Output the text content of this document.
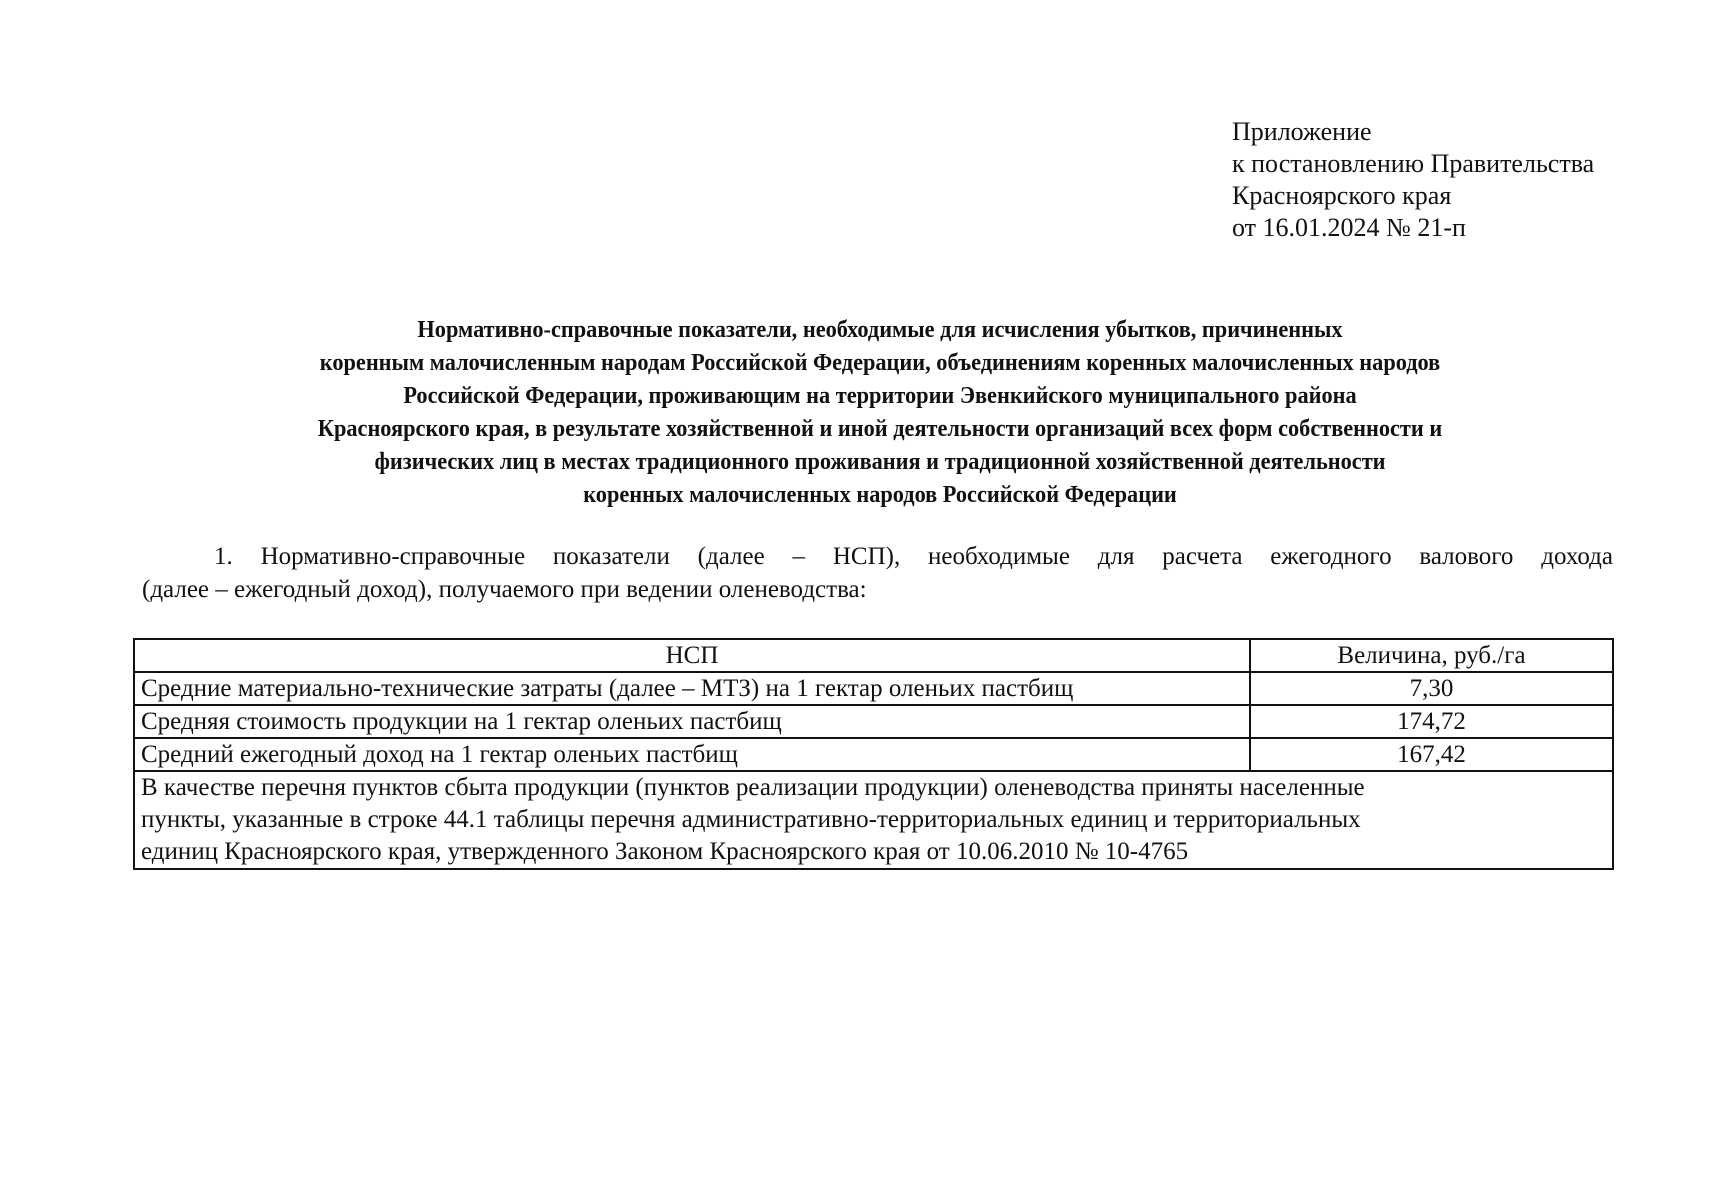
Приложение
к постановлению Правительства
Красноярского края
от 16.01.2024 № 21-п
Нормативно-справочные показатели, необходимые для исчисления убытков, причиненных
коренным малочисленным народам Российской Федерации, объединениям коренных малочисленных народов
Российской Федерации, проживающим на территории Эвенкийского муниципального района
Красноярского края, в результате хозяйственной и иной деятельности организаций всех форм собственности и
физических лиц в местах традиционного проживания и традиционной хозяйственной деятельности
коренных малочисленных народов Российской Федерации
1. Нормативно-справочные показатели (далее – НСП), необходимые для расчета ежегодного валового дохода
(далее – ежегодный доход), получаемого при ведении оленеводства:
НСП	Величина, руб./га
Средние материально-технические затраты (далее – МТЗ) на 1 гектар оленьих пастбищ	7,30
Средняя стоимость продукции на 1 гектар оленьих пастбищ	174,72
Средний ежегодный доход на 1 гектар оленьих пастбищ	167,42

В качестве перечня пунктов сбыта продукции (пунктов реализации продукции) оленеводства приняты населенные
пункты, указанные в строке 44.1 таблицы перечня административно-территориальных единиц и территориальных
единиц Красноярского края, утвержденного Законом Красноярского края от 10.06.2010 № 10-4765	
